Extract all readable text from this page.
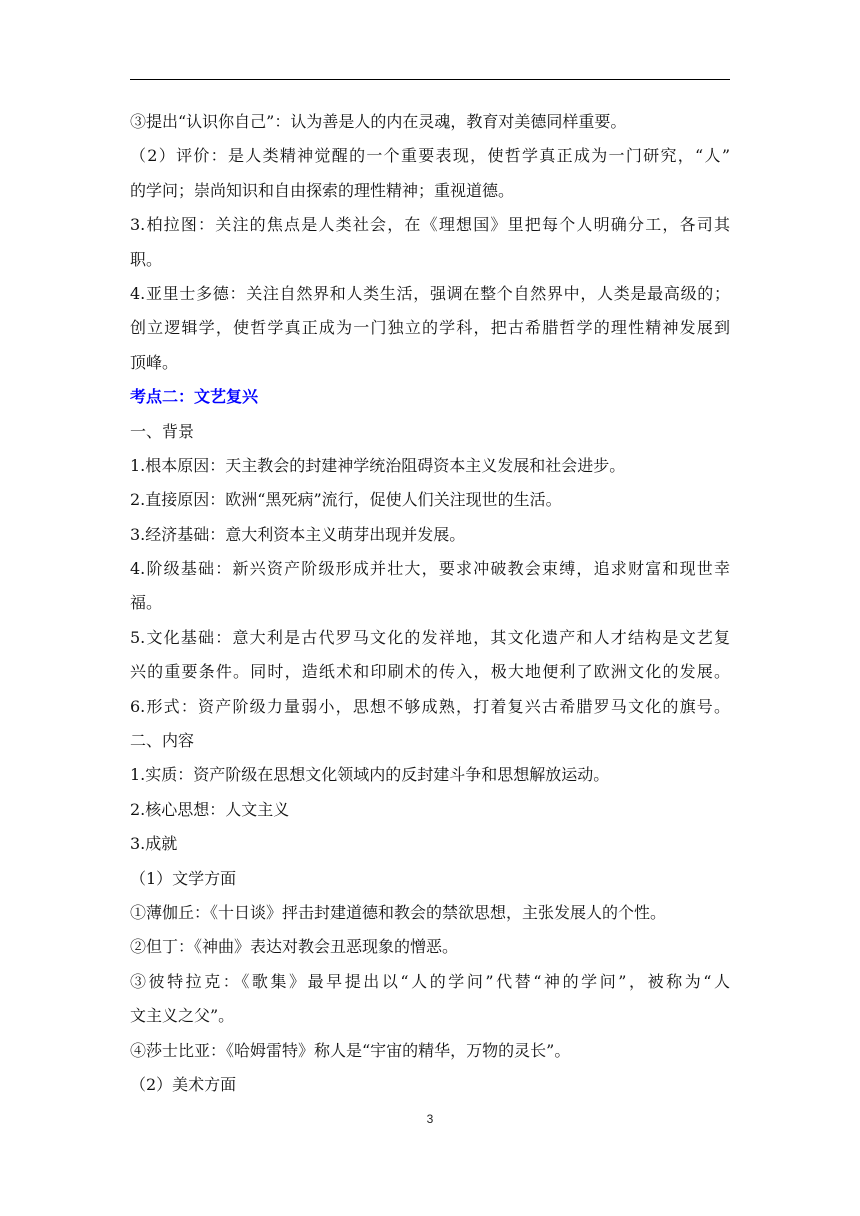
③提出“认识你自己”：认为善是人的内在灵魂，教育对美德同样重要。

（2）评价：是人类精神觉醒的一个重要表现，使哲学真正成为一门研究，“人”

的学问；崇尚知识和自由探索的理性精神；重视道德。

3.柏拉图：关注的焦点是人类社会，在《理想国》里把每个人明确分工，各司其

职。

4.亚里士多德：关注自然界和人类生活，强调在整个自然界中，人类是最高级的；

创立逻辑学，使哲学真正成为一门独立的学科，把古希腊哲学的理性精神发展到

顶峰。

考点二：文艺复兴

一、背景

1.根本原因：天主教会的封建神学统治阻碍资本主义发展和社会进步。

2.直接原因：欧洲“黑死病”流行，促使人们关注现世的生活。

3.经济基础：意大利资本主义萌芽出现并发展。

4.阶级基础：新兴资产阶级形成并壮大，要求冲破教会束缚，追求财富和现世幸

福。

5.文化基础：意大利是古代罗马文化的发祥地，其文化遗产和人才结构是文艺复

兴的重要条件。同时，造纸术和印刷术的传入，极大地便利了欧洲文化的发展。

6.形式：资产阶级力量弱小，思想不够成熟，打着复兴古希腊罗马文化的旗号。

二、内容

1.实质：资产阶级在思想文化领域内的反封建斗争和思想解放运动。

2.核心思想：人文主义

3.成就

（1）文学方面

①薄伽丘：《十日谈》抨击封建道德和教会的禁欲思想，主张发展人的个性。

②但丁：《神曲》表达对教会丑恶现象的憎恶。

③彼特拉克：《歌集》最早提出以“人的学问”代替“神的学问”，被称为“人

文主义之父”。

④莎士比亚：《哈姆雷特》称人是“宇宙的精华，万物的灵长”。

（2）美术方面

3
